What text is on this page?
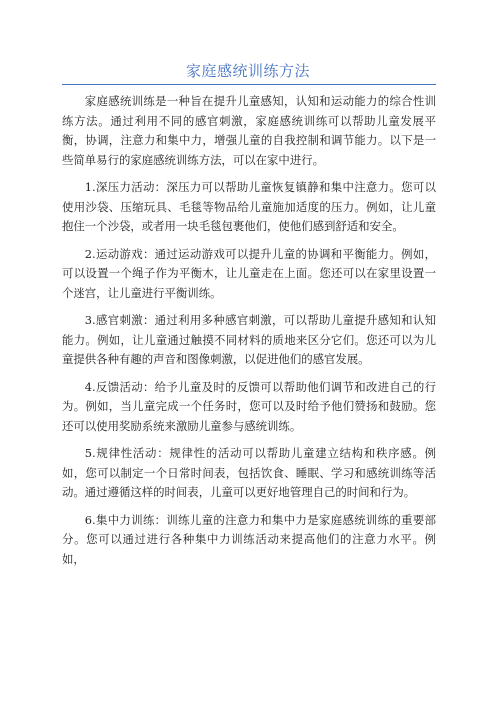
家庭感统训练方法

家庭感统训练是一种旨在提升儿童感知，认知和运动能力的综合性训练方法。通过利用不同的感官刺激，家庭感统训练可以帮助儿童发展平衡，协调，注意力和集中力，增强儿童的自我控制和调节能力。以下是一些简单易行的家庭感统训练方法，可以在家中进行。

1.深压力活动：深压力可以帮助儿童恢复镇静和集中注意力。您可以使用沙袋、压缩玩具、毛毯等物品给儿童施加适度的压力。例如，让儿童抱住一个沙袋，或者用一块毛毯包裹他们，使他们感到舒适和安全。

2.运动游戏：通过运动游戏可以提升儿童的协调和平衡能力。例如，可以设置一个绳子作为平衡木，让儿童走在上面。您还可以在家里设置一个迷宫，让儿童进行平衡训练。

3.感官刺激：通过利用多种感官刺激，可以帮助儿童提升感知和认知能力。例如，让儿童通过触摸不同材料的质地来区分它们。您还可以为儿童提供各种有趣的声音和图像刺激，以促进他们的感官发展。

4.反馈活动：给予儿童及时的反馈可以帮助他们调节和改进自己的行为。例如，当儿童完成一个任务时，您可以及时给予他们赞扬和鼓励。您还可以使用奖励系统来激励儿童参与感统训练。

5.规律性活动：规律性的活动可以帮助儿童建立结构和秩序感。例如，您可以制定一个日常时间表，包括饮食、睡眠、学习和感统训练等活动。通过遵循这样的时间表，儿童可以更好地管理自己的时间和行为。

6.集中力训练：训练儿童的注意力和集中力是家庭感统训练的重要部分。您可以通过进行各种集中力训练活动来提高他们的注意力水平。例如，
